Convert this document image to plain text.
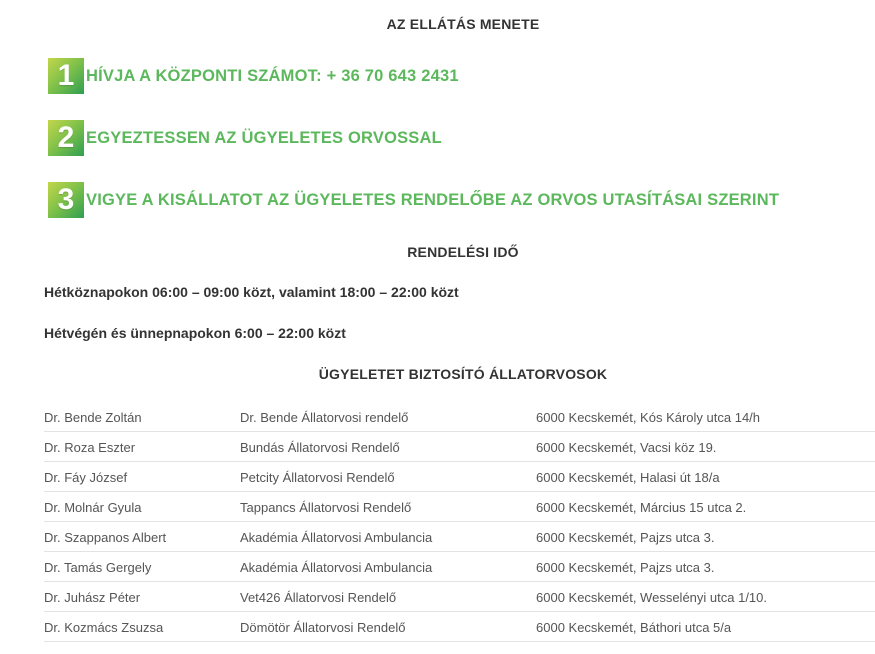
AZ ELLÁTÁS MENETE
1 HÍVJA A KÖZPONTI SZÁMOT: + 36 70 643 2431
2 EGYEZTESSEN AZ ÜGYELETES ORVOSSAL
3 VIGYE A KISÁLLATOT AZ ÜGYELETES RENDELŐBE AZ ORVOS UTASÍTÁSAI SZERINT
RENDELÉSI IDŐ
Hétköznapokon 06:00 – 09:00 közt, valamint 18:00 – 22:00 közt
Hétvégén és ünnepnapokon 6:00 – 22:00 közt
ÜGYELETET BIZTOSÍTÓ ÁLLATORVOSOK
Dr. Bende Zoltán	Dr. Bende Állatorvosi rendelő	6000 Kecskemét, Kós Károly utca 14/h
Dr. Roza Eszter	Bundás Állatorvosi Rendelő	6000 Kecskemét, Vacsi köz 19.
Dr. Fáy József	Petcity Állatorvosi Rendelő	6000 Kecskemét, Halasi út 18/a
Dr. Molnár Gyula	Tappancs Állatorvosi Rendelő	6000 Kecskemét, Március 15 utca 2.
Dr. Szappanos Albert	Akadémia Állatorvosi Ambulancia	6000 Kecskemét, Pajzs utca 3.
Dr. Tamás Gergely	Akadémia Állatorvosi Ambulancia	6000 Kecskemét, Pajzs utca 3.
Dr. Juhász Péter	Vet426 Állatorvosi Rendelő	6000 Kecskemét, Wesselényi utca 1/10.
Dr. Kozmács Zsuzsa	Dömötör Állatorvosi Rendelő	6000 Kecskemét, Báthori utca 5/a
